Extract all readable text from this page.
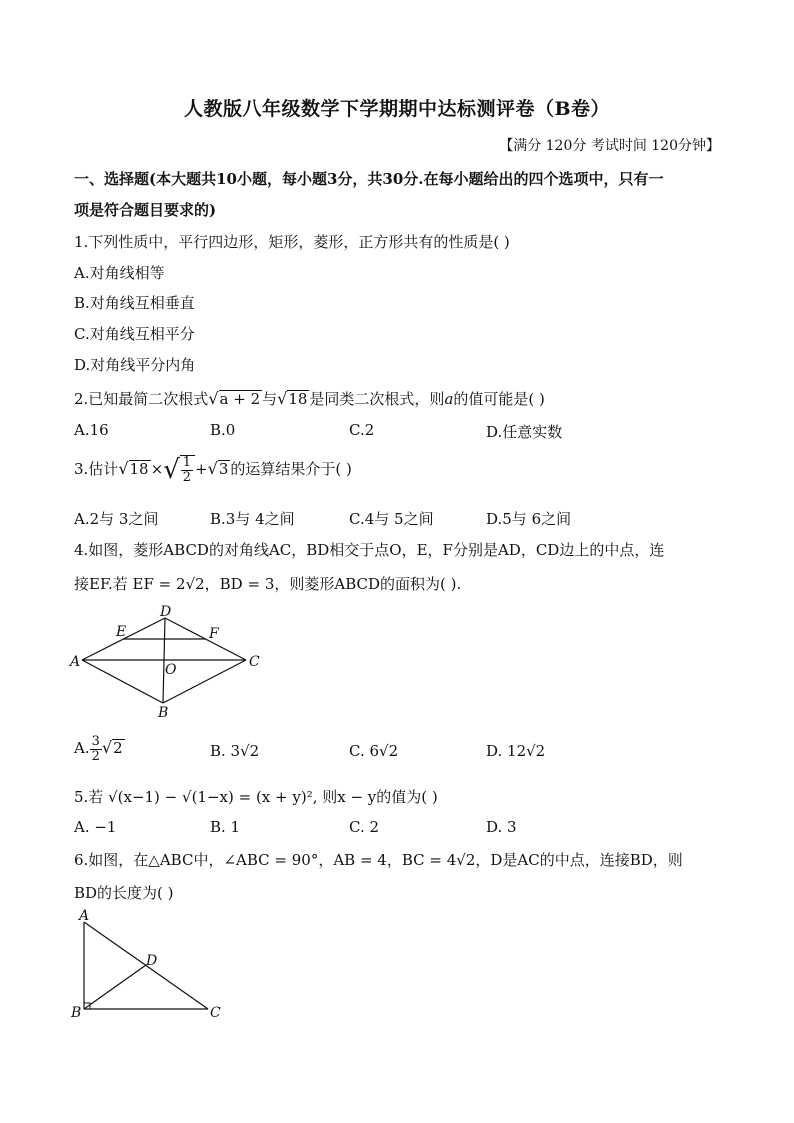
人教版八年级数学下学期期中达标测评卷（B卷）
【满分 120分 考试时间 120分钟】
一、选择题(本大题共10小题，每小题3分，共30分.在每小题给出的四个选项中，只有一
项是符合题目要求的)
1.下列性质中，平行四边形，矩形，菱形，正方形共有的性质是( )
A.对角线相等
B.对角线互相垂直
C.对角线互相平分
D.对角线平分内角
2.已知最简二次根式√a + 2 与√18 是同类二次根式，则a的值可能是( )
A.16	B.0	C.2	D.任意实数
3.估计√18 ×√ $\frac{1}{2} +√3$ 的运算结果介于( )
A.2与 3之间	B.3与 4之间	C.4与 5之间	D.5与 6之间
4.如图，菱形ABCD的对角线AC，BD相交于点O，E，F分别是AD，CD边上的中点，连
接EF.若 EF = 2√2，BD = 3，则菱形ABCD的面积为( ).
A
D
C
B
E	F
O
A. $\frac{3}{2} √2$	B. 3√2	C. 6√2	D. 12√2
5.若 √(x−1) − √(1−x) = (x + y)², 则x − y的值为( )
A. −1	B. 1	C. 2	D. 3
6.如图，在△ABC中，∠ABC = 90°，AB = 4，BC = 4√2，D是AC的中点，连接BD，则
BD的长度为( )
A
B	C
D
